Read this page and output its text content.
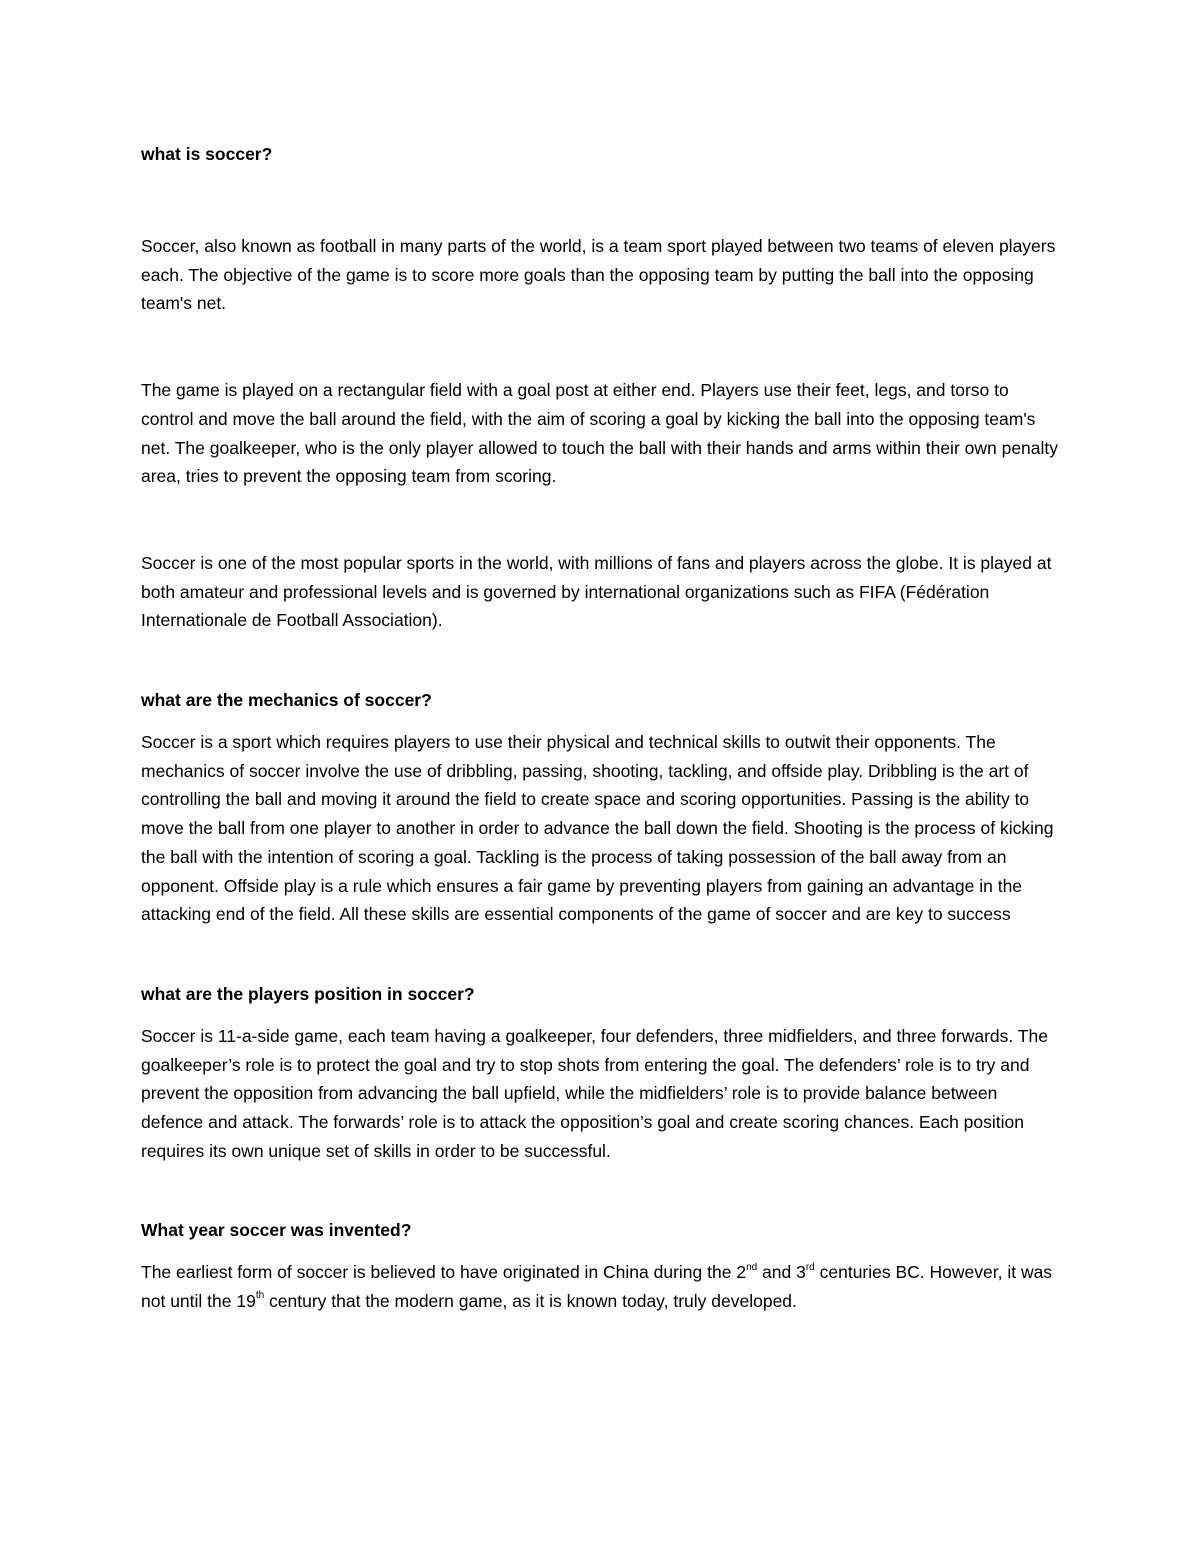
what is soccer?

Soccer, also known as football in many parts of the world, is a team sport played between two teams of eleven players each. The objective of the game is to score more goals than the opposing team by putting the ball into the opposing team's net.

The game is played on a rectangular field with a goal post at either end. Players use their feet, legs, and torso to control and move the ball around the field, with the aim of scoring a goal by kicking the ball into the opposing team's net. The goalkeeper, who is the only player allowed to touch the ball with their hands and arms within their own penalty area, tries to prevent the opposing team from scoring.

Soccer is one of the most popular sports in the world, with millions of fans and players across the globe. It is played at both amateur and professional levels and is governed by international organizations such as FIFA (Fédération Internationale de Football Association).

what are the mechanics of soccer?

Soccer is a sport which requires players to use their physical and technical skills to outwit their opponents. The mechanics of soccer involve the use of dribbling, passing, shooting, tackling, and offside play. Dribbling is the art of controlling the ball and moving it around the field to create space and scoring opportunities. Passing is the ability to move the ball from one player to another in order to advance the ball down the field. Shooting is the process of kicking the ball with the intention of scoring a goal. Tackling is the process of taking possession of the ball away from an opponent. Offside play is a rule which ensures a fair game by preventing players from gaining an advantage in the attacking end of the field. All these skills are essential components of the game of soccer and are key to success

what are the players position in soccer?

Soccer is 11-a-side game, each team having a goalkeeper, four defenders, three midfielders, and three forwards. The goalkeeper’s role is to protect the goal and try to stop shots from entering the goal. The defenders’ role is to try and prevent the opposition from advancing the ball upfield, while the midfielders’ role is to provide balance between defence and attack. The forwards’ role is to attack the opposition’s goal and create scoring chances. Each position requires its own unique set of skills in order to be successful.

What year soccer was invented?

The earliest form of soccer is believed to have originated in China during the 2nd and 3rd centuries BC. However, it was not until the 19th century that the modern game, as it is known today, truly developed.
